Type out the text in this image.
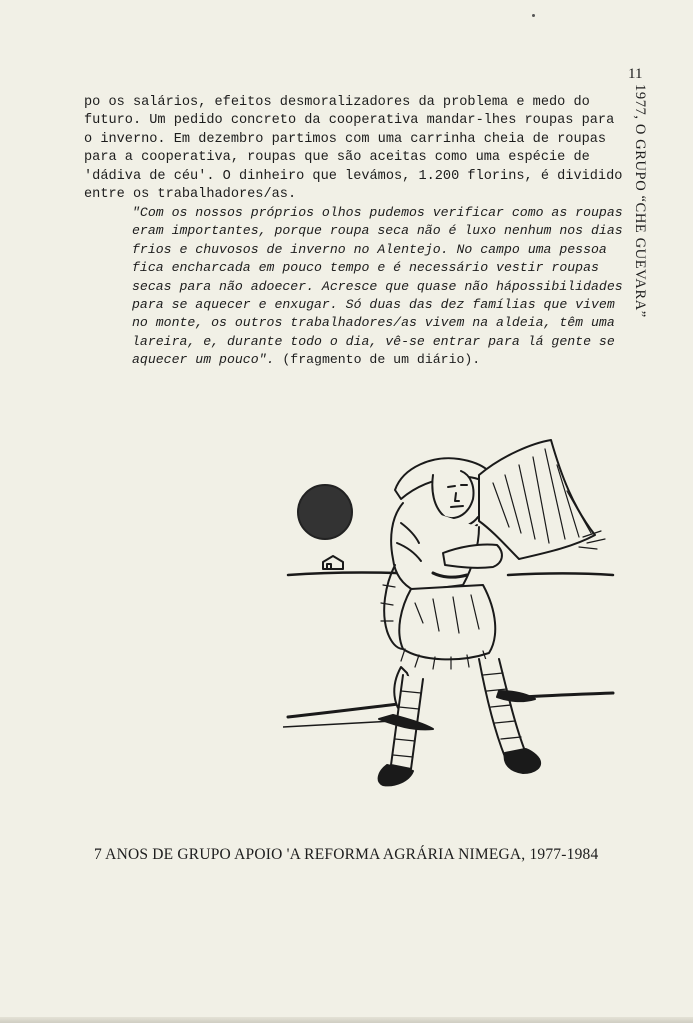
11
1977, O GRUPO “CHE GUEVARA”

po os salários, efeitos desmoralizadores da problema e medo do futuro. Um pedido concreto da cooperativa mandar-lhes roupas para o inverno. Em dezembro partimos com uma carrinha cheia de roupas para a cooperativa, roupas que são aceitas como uma espécie de 'dádiva de céu'. O dinheiro que levámos, 1.200 florins, é dividido entre os trabalhadores/as.

"Com os nossos próprios olhos pudemos verificar como as roupas eram importantes, porque roupa seca não é luxo nenhum nos dias frios e chuvosos de inverno no Alentejo. No campo uma pessoa fica encharcada em pouco tempo e é necessário vestir roupas secas para não adoecer. Acresce que quase não hápossibilidades para se aquecer e enxugar. Só duas das dez famílias que vivem no monte, os outros trabalhadores/as vivem na aldeia, têm uma lareira, e, durante todo o dia, vê-se entrar para lá gente se aquecer um pouco". (fragmento de um diário).

7 ANOS DE GRUPO APOIO 'A REFORMA AGRÁRIA NIMEGA, 1977-1984
